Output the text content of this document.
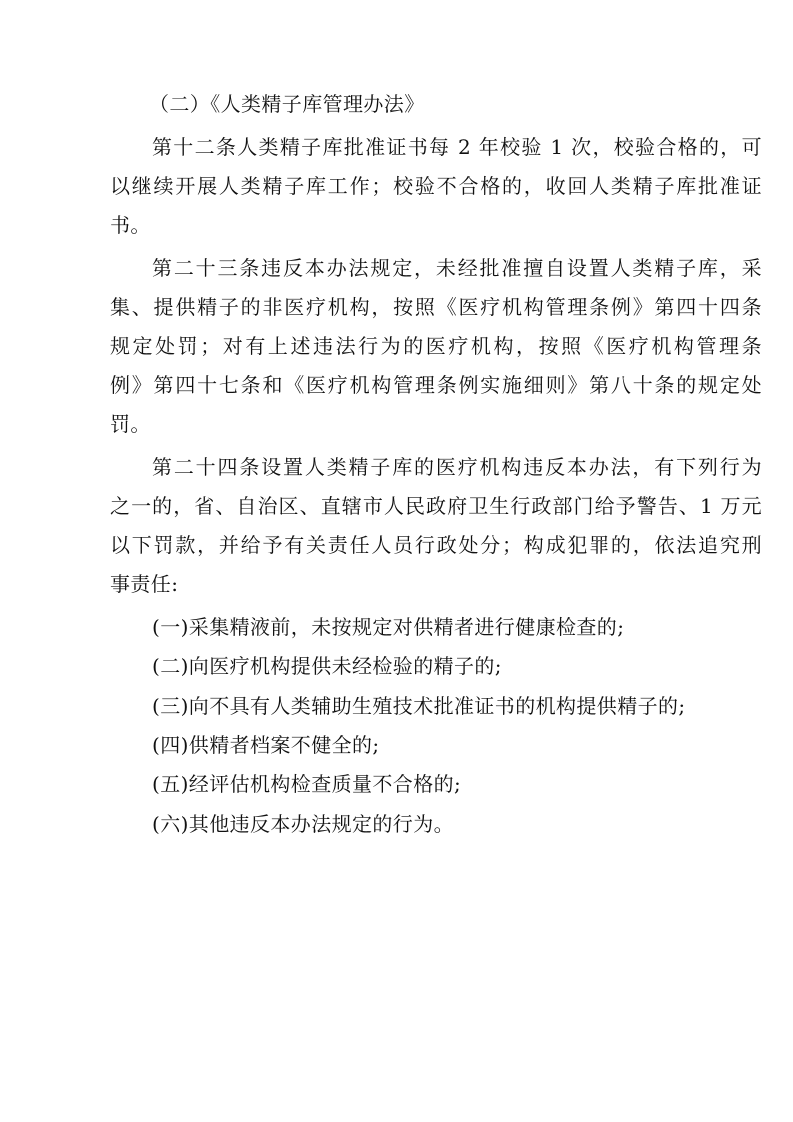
（二）《人类精子库管理办法》

第十二条人类精子库批准证书每 2 年校验 1 次，校验合格的，可

以继续开展人类精子库工作；校验不合格的，收回人类精子库批准证

书。

第二十三条违反本办法规定，未经批准擅自设置人类精子库，采

集、提供精子的非医疗机构，按照《医疗机构管理条例》第四十四条

规定处罚；对有上述违法行为的医疗机构，按照《医疗机构管理条

例》第四十七条和《医疗机构管理条例实施细则》第八十条的规定处

罚。

第二十四条设置人类精子库的医疗机构违反本办法，有下列行为

之一的，省、自治区、直辖市人民政府卫生行政部门给予警告、1 万元

以下罚款，并给予有关责任人员行政处分；构成犯罪的，依法追究刑

事责任:

(一)采集精液前，未按规定对供精者进行健康检查的;

(二)向医疗机构提供未经检验的精子的;

(三)向不具有人类辅助生殖技术批准证书的机构提供精子的;

(四)供精者档案不健全的;

(五)经评估机构检查质量不合格的;

(六)其他违反本办法规定的行为。
